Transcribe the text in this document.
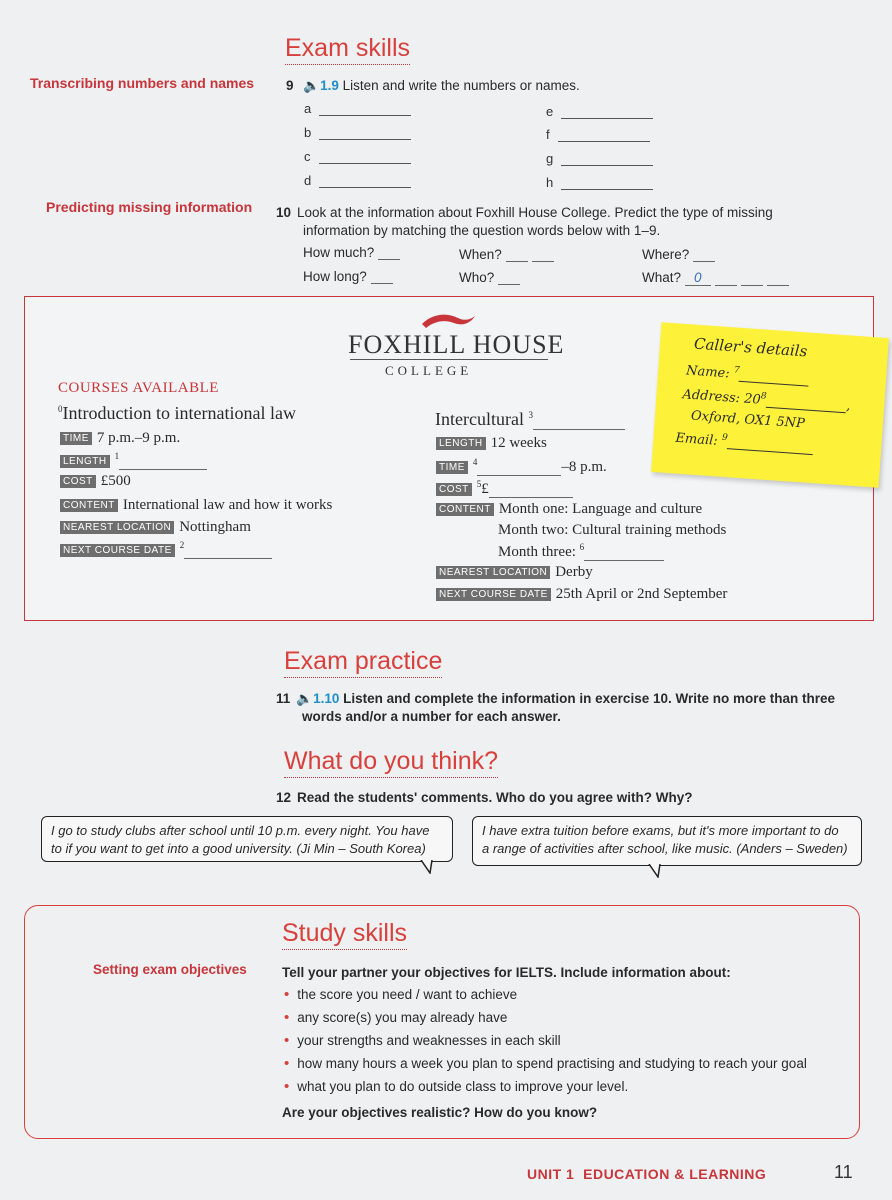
Exam skills
Transcribing numbers and names 9 🔈1.9 Listen and write the numbers or names.
a
b
c
d
e
f
g
h
Predicting missing information 10 Look at the information about Foxhill House College. Predict the type of missing
information by matching the question words below with 1–9.
How much?	When?	Where?
How long?	Who?	What? 0
FOXHILL HOUSE
COLLEGE
COURSES AVAILABLE
$^0$Introduction to international law
TIME 7 p.m.–9 p.m.
LENGTH$^1$
COST £500
CONTENT International law and how it works
NEAREST LOCATION Nottingham
NEXT COURSE DATE$^2$
Intercultural $^3$
LENGTH 12 weeks
TIME$^4$	–8 p.m.
COST$^5$£
CONTENT Month one: Language and culture
Month two: Cultural training methods
Month three: $^6$
NEAREST LOCATION Derby
NEXT COURSE DATE 25th April or 2nd September
Caller's details
Name: $^7$
Address: $20^8$,
Oxford, OX1 5NP
Email: $^9$
Exam practice
11 🔈1.10 Listen and complete the information in exercise 10. Write no more than three
words and/or a number for each answer.
What do you think?
12 Read the students' comments. Who do you agree with? Why?
I go to study clubs after school until 10 p.m. every night. You have
to if you want to get into a good university. (Ji Min – South Korea)
I have extra tuition before exams, but it's more important to do
a range of activities after school, like music. (Anders – Sweden)
Study skills
Setting exam objectives	Tell your partner your objectives for IELTS. Include information about:
• the score you need / want to achieve
• any score(s) you may already have
• your strengths and weaknesses in each skill
• how many hours a week you plan to spend practising and studying to reach your goal
• what you plan to do outside class to improve your level.
Are your objectives realistic? How do you know?
UNIT 1 EDUCATION & LEARNING	11
